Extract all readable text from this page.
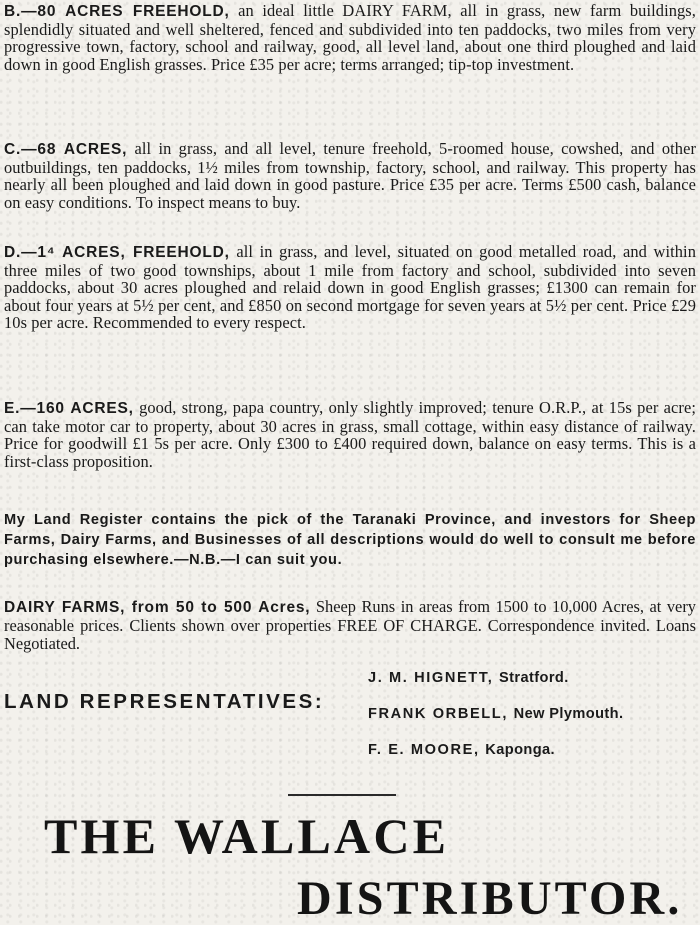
B.—80 ACRES FREEHOLD, an ideal little DAIRY FARM, all in grass, new farm buildings, splendidly situated and well sheltered, fenced and subdivided into ten paddocks, two miles from very progressive town, factory, school and railway, good, all level land, about one third ploughed and laid down in good English grasses. Price £35 per acre; terms arranged; tip-top investment.
C.—68 ACRES, all in grass, and all level, tenure freehold, 5-roomed house, cowshed, and other outbuildings, ten paddocks, 1½ miles from township, factory, school, and railway. This property has nearly all been ploughed and laid down in good pasture. Price £35 per acre. Terms £500 cash, balance on easy conditions. To inspect means to buy.
D.—1⁴ ACRES, FREEHOLD, all in grass, and level, situated on good metalled road, and within three miles of two good townships, about 1 mile from factory and school, subdivided into seven paddocks, about 30 acres ploughed and relaid down in good English grasses; £1300 can remain for about four years at 5½ per cent, and £850 on second mortgage for seven years at 5½ per cent. Price £29 10s per acre. Recommended to every respect.
E.—160 ACRES, good, strong, papa country, only slightly improved; tenure O.R.P., at 15s per acre; can take motor car to property, about 30 acres in grass, small cottage, within easy distance of railway. Price for goodwill £1 5s per acre. Only £300 to £400 required down, balance on easy terms. This is a first-class proposition.
My Land Register contains the pick of the Taranaki Province, and investors for Sheep Farms, Dairy Farms, and Businesses of all descriptions would do well to consult me before purchasing elsewhere.—N.B.—I can suit you.
DAIRY FARMS, from 50 to 500 Acres, Sheep Runs in areas from 1500 to 10,000 Acres, at very reasonable prices. Clients shown over properties FREE OF CHARGE. Correspondence invited. Loans Negotiated.
LAND REPRESENTATIVES:
J. M. HIGNETT, Stratford.
FRANK ORBELL, New Plymouth.
F. E. MOORE, Kaponga.
THE WALLACE
DISTRIBUTOR.
